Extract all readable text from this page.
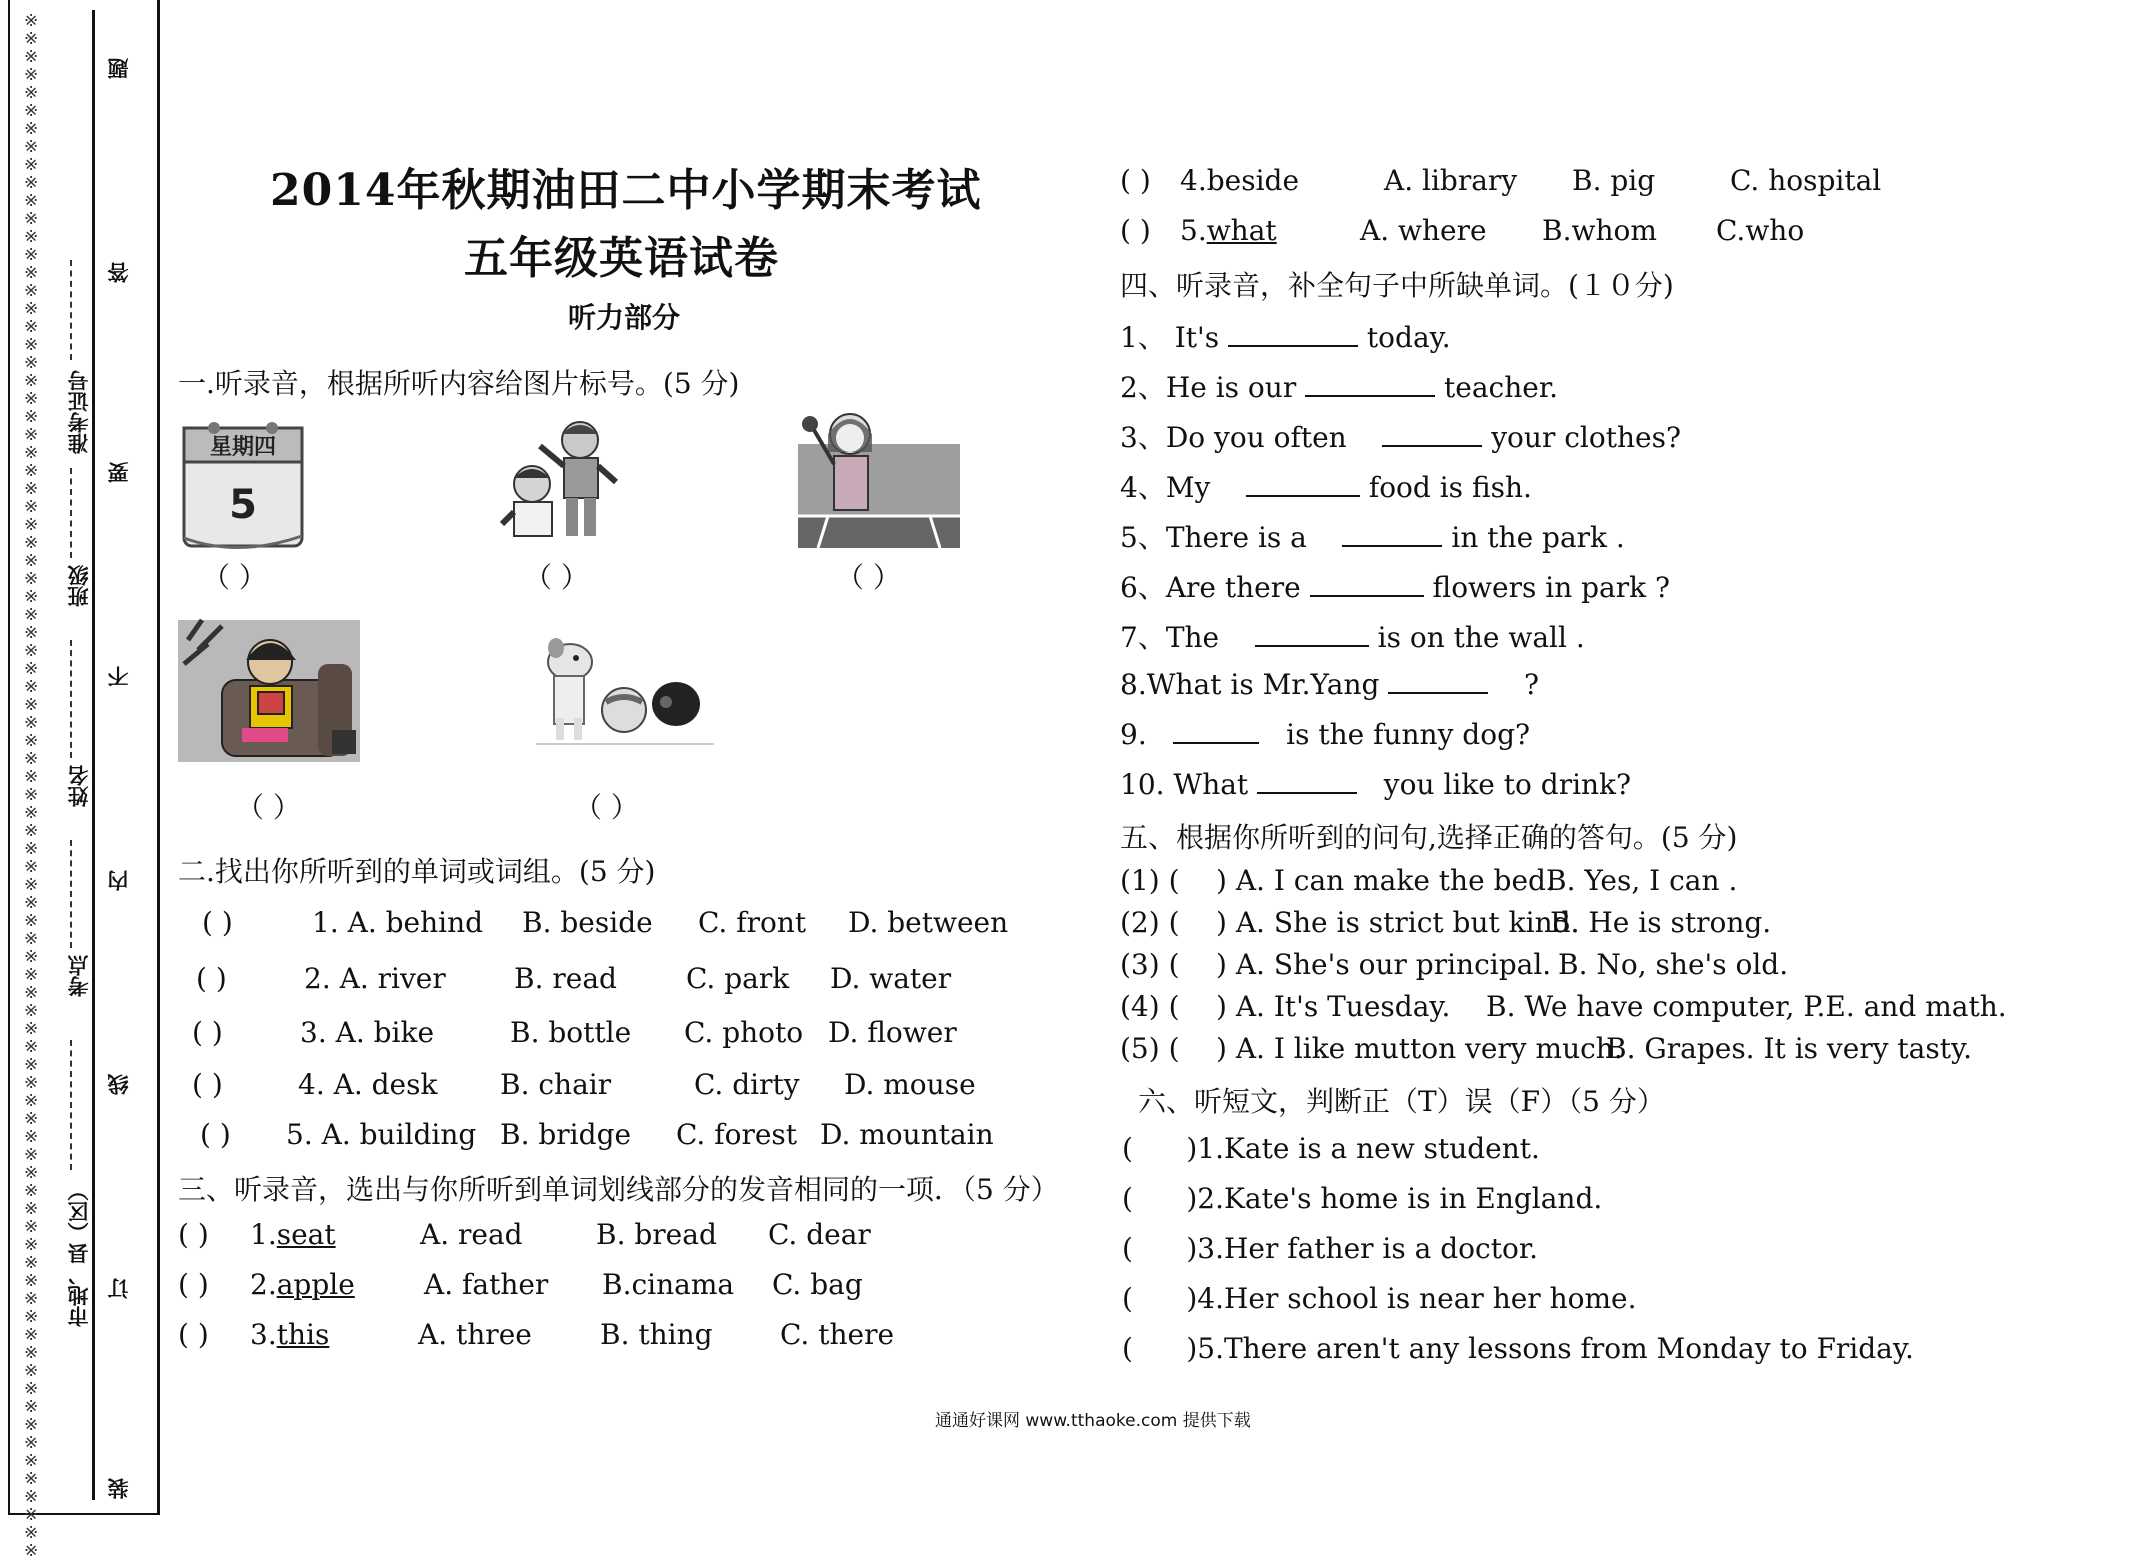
※※※※※※※※※※※※※※※※※※※※※※※※※※※※※※※※※※※※※※※※※※※※※※※※※※※※※※※※※※※※※※※※※※※※※※※※※※※※※※※※※※※※※※
准考证号
班级
姓名
考点
市地、县（区）
题
答
要
不
内
线
订
装
2014年秋期油田二中小学期末考试
五年级英语试卷
听力部分
一.听录音，根据所听内容给图片标号。(5 分)
星期四
5
（ ）	（ ）	（ ）
（ ）	（ ）
二.找出你所听到的单词或词组。(5 分)
( )	1. A. behind B. beside C. front D. between
( )	2. A. river B. read C. park D. water
( )	3. A. bike	B. bottle C. photo D. flower
( )	4. A. desk B. chair	C. dirty D. mouse
( ) 5. A. building B. bridge C. forest D. mountain
三、听录音，选出与你所听到单词划线部分的发音相同的一项．（5 分）
( ) 1.seat	A. read	B. bread C. dear
( ) 2.apple A. father B.cinama C. bag
( ) 3.this	A. three B. thing C. there
( ) 4.beside	A. library B. pig	C. hospital
( ) 5.what	A. where B.whom C.who
四、听录音，补全句子中所缺单词。(１０分)
1、 It's	today.
2、He is our	teacher.
3、Do you often	your clothes?
4、My	food is fish.
5、There is a	in the park .
6、Are there	flowers in park ?
7、The	is on the wall .
8.What is Mr.Yang	?
9.	is the funny dog?
10. What	you like to drink?
五、根据你所听到的问句,选择正确的答句。(5 分)
(1) ( ) A. I can make the bed.
B. Yes, I can .
(2) ( ) A. She is strict but kind.
B. He is strong.
(3) ( ) A. She's our principal. B. No, she's old.
(4) ( ) A. It's Tuesday. B. We have computer, P.E. and math.
(5) ( ) A. I like mutton very much.
B. Grapes. It is very tasty.
六、听短文，判断正（T）误（F）（5 分）
(      )1.Kate is a new student.
(      )2.Kate's home is in England.
(      )3.Her father is a doctor.
(      )4.Her school is near her home.
(      )5.There aren't any lessons from Monday to Friday.
通通好课网 www.tthaoke.com 提供下载
